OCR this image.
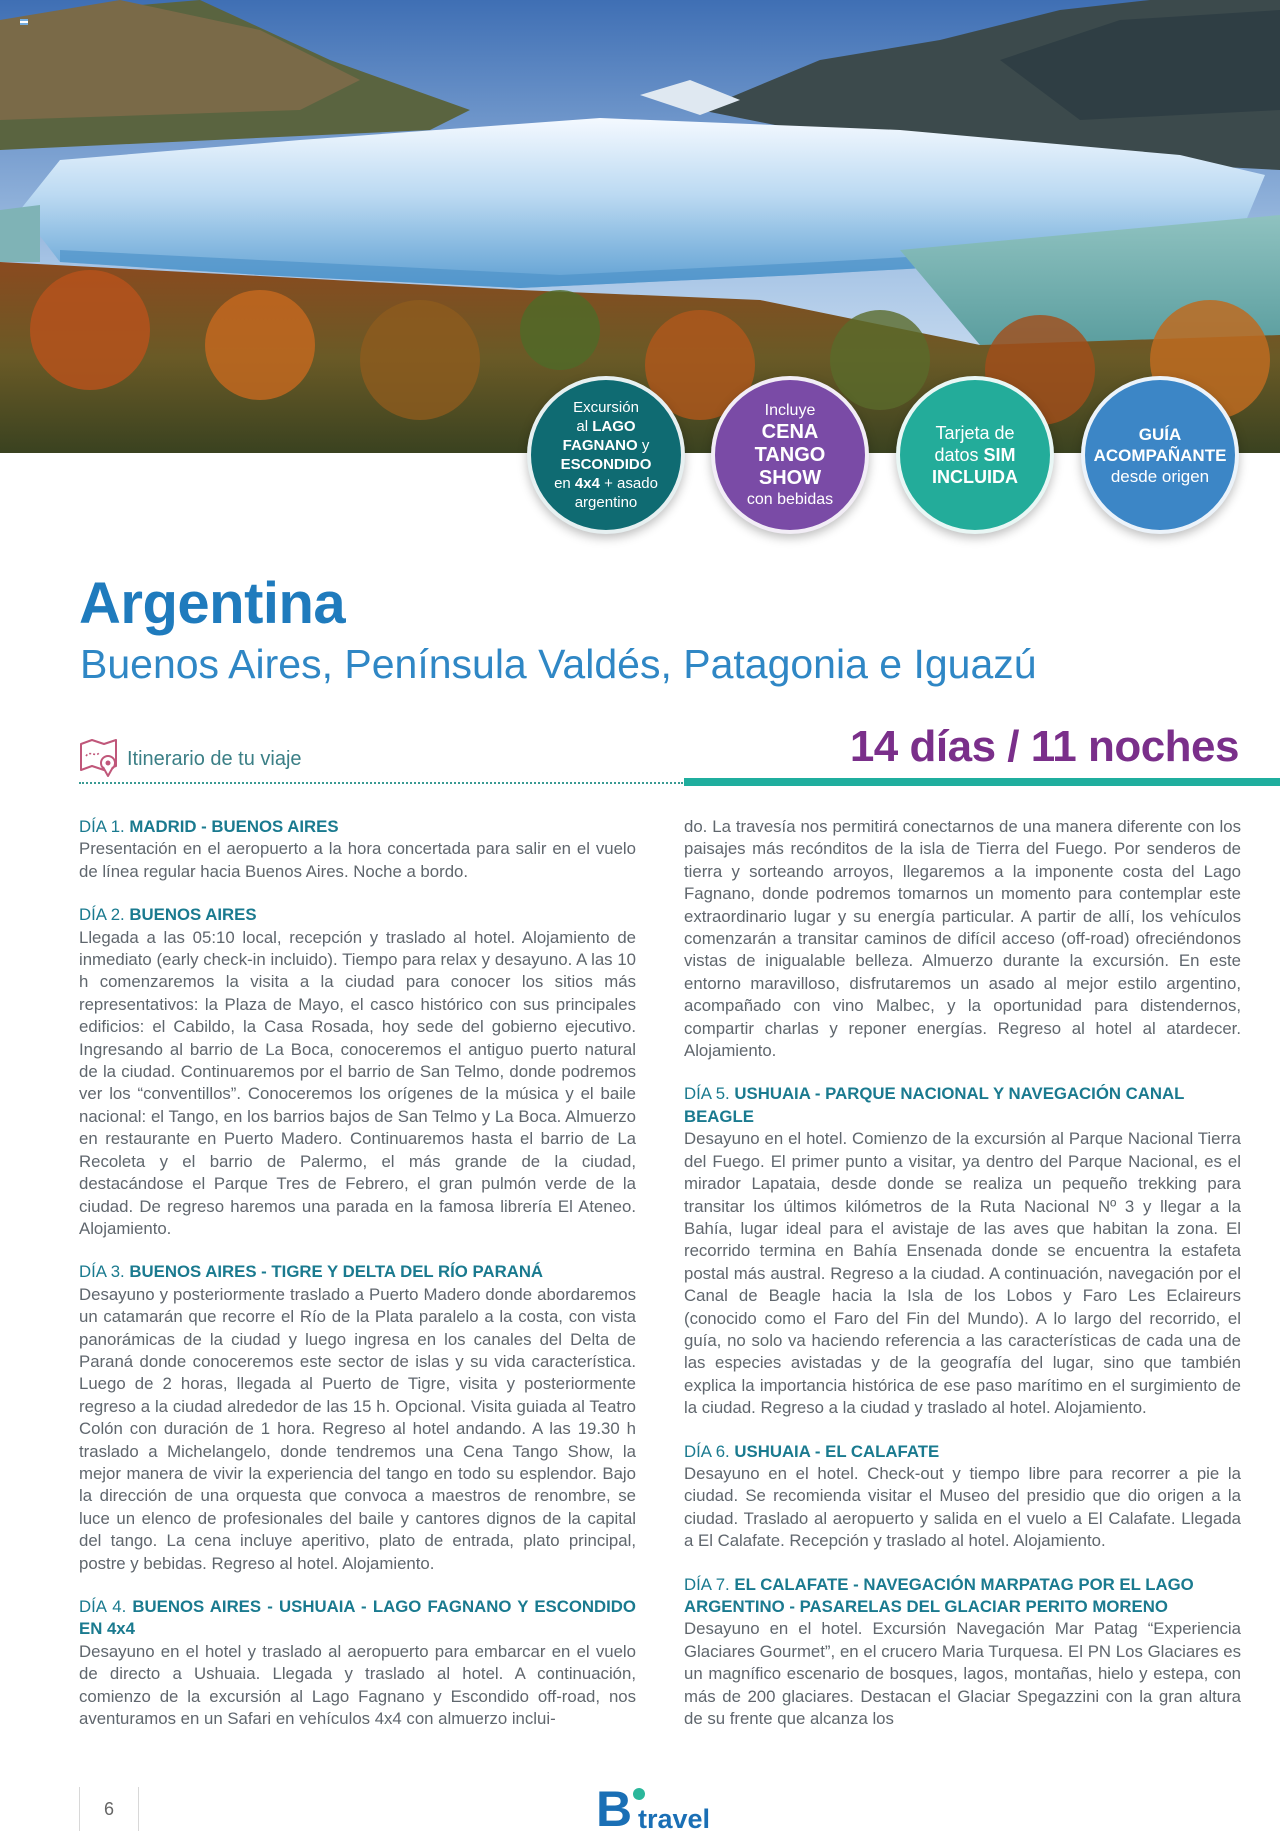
Excursión
al LAGO
FAGNANO y
ESCONDIDO
en 4x4 + asado
argentino
Incluye
CENA TANGO
SHOW
con bebidas
Tarjeta de
datos SIM
INCLUIDA
GUÍA
ACOMPAÑANTE
desde origen
Argentina
Buenos Aires, Península Valdés, Patagonia e Iguazú
Itinerario de tu viaje	14 días / 11 noches
DÍA 1. MADRID - BUENOS AIRES

Presentación en el aeropuerto a la hora concertada para salir en el vuelo de línea regular hacia Buenos Aires. Noche a bordo.

DÍA 2. BUENOS AIRES

Llegada a las 05:10 local, recepción y traslado al hotel. Alojamiento de inmediato (early check-in incluido). Tiempo para relax y desayuno. A las 10 h comenzaremos la visita a la ciudad para conocer los sitios más representativos: la Plaza de Mayo, el casco histórico con sus principales edificios: el Cabildo, la Casa Rosada, hoy sede del gobierno ejecutivo. Ingresando al barrio de La Boca, conoceremos el antiguo puerto natural de la ciudad. Continuaremos por el barrio de San Telmo, donde podremos ver los “conventillos”. Conoceremos los orígenes de la música y el baile nacional: el Tango, en los barrios bajos de San Telmo y La Boca. Almuerzo en restaurante en Puerto Madero. Continuaremos hasta el barrio de La Recoleta y el barrio de Palermo, el más grande de la ciudad, destacándose el Parque Tres de Febrero, el gran pulmón verde de la ciudad. De regreso haremos una parada en la famosa librería El Ateneo. Alojamiento.

DÍA 3. BUENOS AIRES - TIGRE Y DELTA DEL RÍO PARANÁ

Desayuno y posteriormente traslado a Puerto Madero donde abordaremos un catamarán que recorre el Río de la Plata paralelo a la costa, con vista panorámicas de la ciudad y luego ingresa en los canales del Delta de Paraná donde conoceremos este sector de islas y su vida característica. Luego de 2 horas, llegada al Puerto de Tigre, visita y posteriormente regreso a la ciudad alrededor de las 15 h. Opcional. Visita guiada al Teatro Colón con duración de 1 hora. Regreso al hotel andando. A las 19.30 h traslado a Michelangelo, donde tendremos una Cena Tango Show, la mejor manera de vivir la experiencia del tango en todo su esplendor. Bajo la dirección de una orquesta que convoca a maestros de renombre, se luce un elenco de profesionales del baile y cantores dignos de la capital del tango. La cena incluye aperitivo, plato de entrada, plato principal, postre y bebidas. Regreso al hotel. Alojamiento.

DÍA 4. BUENOS AIRES - USHUAIA - LAGO FAGNANO Y ESCONDIDO EN 4x4

Desayuno en el hotel y traslado al aeropuerto para embarcar en el vuelo de directo a Ushuaia. Llegada y traslado al hotel. A continuación, comienzo de la excursión al Lago Fagnano y Escondido off-road, nos aventuramos en un Safari en vehículos 4x4 con almuerzo inclui-

do. La travesía nos permitirá conectarnos de una manera diferente con los paisajes más recónditos de la isla de Tierra del Fuego. Por senderos de tierra y sorteando arroyos, llegaremos a la imponente costa del Lago Fagnano, donde podremos tomarnos un momento para contemplar este extraordinario lugar y su energía particular. A partir de allí, los vehículos comenzarán a transitar caminos de difícil acceso (off-road) ofreciéndonos vistas de inigualable belleza. Almuerzo durante la excursión. En este entorno maravilloso, disfrutaremos un asado al mejor estilo argentino, acompañado con vino Malbec, y la oportunidad para distendernos, compartir charlas y reponer energías. Regreso al hotel al atardecer. Alojamiento.

DÍA 5. USHUAIA - PARQUE NACIONAL Y NAVEGACIÓN CANAL BEAGLE

Desayuno en el hotel. Comienzo de la excursión al Parque Nacional Tierra del Fuego. El primer punto a visitar, ya dentro del Parque Nacional, es el mirador Lapataia, desde donde se realiza un pequeño trekking para transitar los últimos kilómetros de la Ruta Nacional Nº 3 y llegar a la Bahía, lugar ideal para el avistaje de las aves que habitan la zona. El recorrido termina en Bahía Ensenada donde se encuentra la estafeta postal más austral. Regreso a la ciudad. A continuación, navegación por el Canal de Beagle hacia la Isla de los Lobos y Faro Les Eclaireurs (conocido como el Faro del Fin del Mundo). A lo largo del recorrido, el guía, no solo va haciendo referencia a las características de cada una de las especies avistadas y de la geografía del lugar, sino que también explica la importancia histórica de ese paso marítimo en el surgimiento de la ciudad. Regreso a la ciudad y traslado al hotel. Alojamiento.

DÍA 6. USHUAIA - EL CALAFATE

Desayuno en el hotel. Check-out y tiempo libre para recorrer a pie la ciudad. Se recomienda visitar el Museo del presidio que dio origen a la ciudad. Traslado al aeropuerto y salida en el vuelo a El Calafate. Llegada a El Calafate. Recepción y traslado al hotel. Alojamiento.

DÍA 7. EL CALAFATE - NAVEGACIÓN MARPATAG POR EL LAGO ARGENTINO - PASARELAS DEL GLACIAR PERITO MORENO

Desayuno en el hotel. Excursión Navegación Mar Patag “Experiencia Glaciares Gourmet”, en el crucero Maria Turquesa. El PN Los Glaciares es un magnífico escenario de bosques, lagos, montañas, hielo y estepa, con más de 200 glaciares. Destacan el Glaciar Spegazzini con la gran altura de su frente que alcanza los

6	B travel
